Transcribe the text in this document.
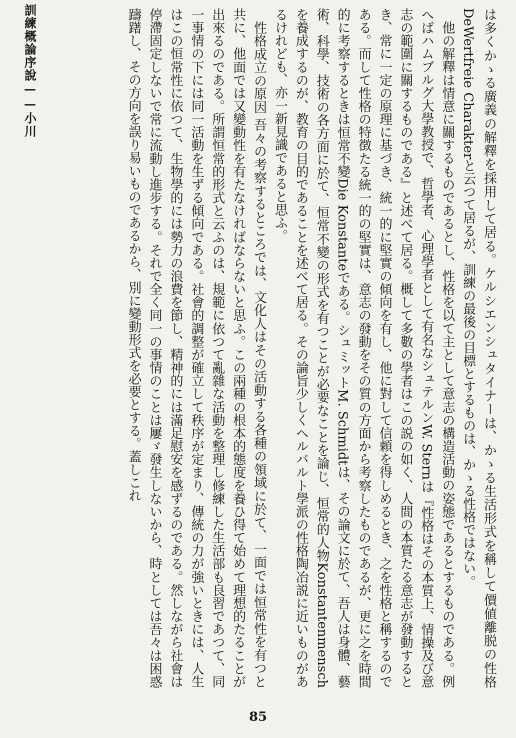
訓練概論序說——小川	は多くかゝる廣義の解釋を採用して居る。ケルシエンシュタイナーは、かゝる生活形式を稱して價値離脱の性格DeWertfreie Charakterと云つて居るが、訓練の最後の目標とするものは、かゝる性格ではない。

他の解釋は情意に關するものであるとし、性格を以て主として意志の構造活動の姿態であるとするものである。例へばハムブルグ大學教授で、哲學者、心理學者として有名なシュテルンW. Sternは『性格はその本質上、情操及び意志の範圍に關するものである』と述べて居る。概して多數の學者はこの説の如く、人間の本質たる意志が發動するとき、常に一定の原理に基づき、統一的に堅實の傾向を有し、他に對して信頼を得しめるとき、之を性格と稱するのである。而して性格の特徴たる統一的の堅實は、意志の發動をその質の方面から考察したものであるが、更に之を時間的に考察するときは恒常不變Die Konstanteである。シュミットM. Schmidtは、その論文に於て、吾人は身體、藝術、科學、技術の各方面に於て、恒常不變の形式を有つことが必要なことを論じ、恒常的人物Konstantenmenschを養成するのが、教育の目的であることを述べて居る。その論旨少しくヘルバルト學派の性格陶冶説に近いものがあるけれども、亦一新見識であると思ふ。

性格成立の原因 吾々の考察するところでは、文化人はその活動する各種の領域に於て、一面では恒常性を有つと共に、他面では又變動性を有たなければならないと思ふ。この兩種の根本的態度を養ひ得て始めて理想的たることが出來るのである。所謂恒常的形式と云ふのは、規範に依つて亂雜な活動を整理し修練した生活部も良習であつて、同一事情の下には同一活動を生ずる傾向である。社會的調整が確立して秩序が定まり、傳統の力が強いときには、人生はこの恒常性に依つて、生物學的には勢力の浪費を節し、精神的には滿足慰安を感ずるのである。然しながら社會は停滯固定しないで常に流動し進步する。それで全く同一の事情のことは屢ゞ發生しないから、時としては吾々は困惑躊躇し、その方向を誤り易いものであるから、別に變動形式を必要とする。蓋しこれ

85
